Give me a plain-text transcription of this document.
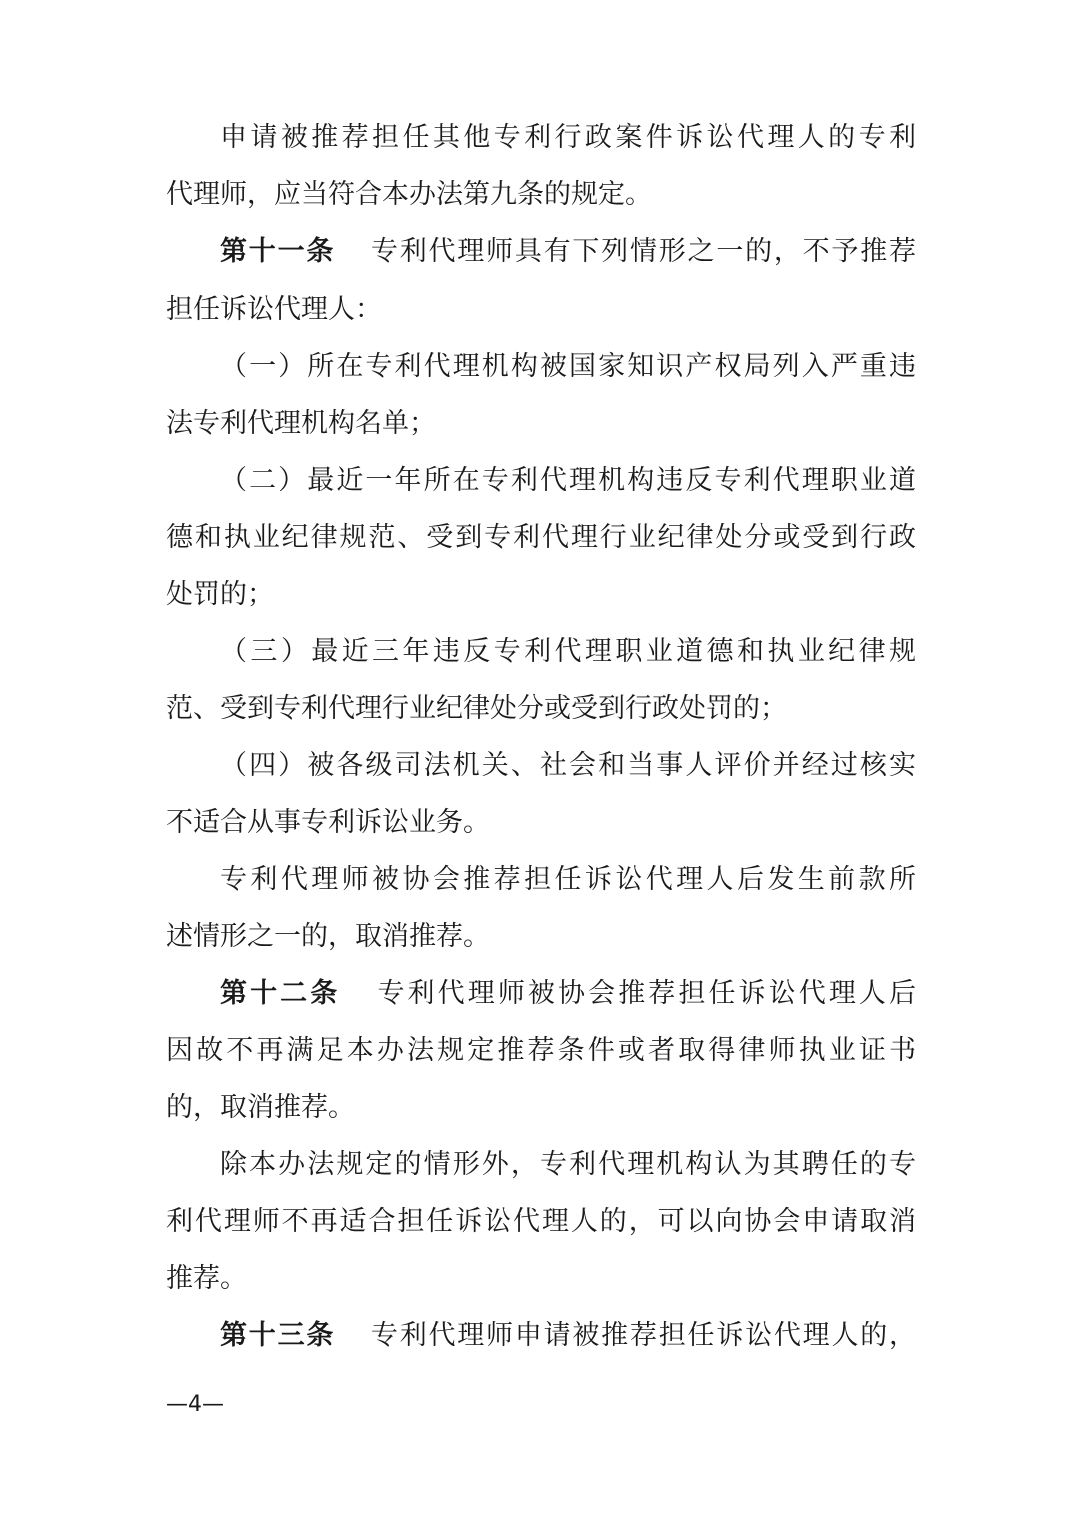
申请被推荐担任其他专利行政案件诉讼代理人的专利
代理师，应当符合本办法第九条的规定。
第十一条 专利代理师具有下列情形之一的，不予推荐
担任诉讼代理人：
（一）所在专利代理机构被国家知识产权局列入严重违
法专利代理机构名单；
（二）最近一年所在专利代理机构违反专利代理职业道
德和执业纪律规范、受到专利代理行业纪律处分或受到行政
处罚的；
（三）最近三年违反专利代理职业道德和执业纪律规
范、受到专利代理行业纪律处分或受到行政处罚的；
（四）被各级司法机关、社会和当事人评价并经过核实
不适合从事专利诉讼业务。
专利代理师被协会推荐担任诉讼代理人后发生前款所
述情形之一的，取消推荐。
第十二条 专利代理师被协会推荐担任诉讼代理人后
因故不再满足本办法规定推荐条件或者取得律师执业证书
的，取消推荐。
除本办法规定的情形外，专利代理机构认为其聘任的专
利代理师不再适合担任诉讼代理人的，可以向协会申请取消
推荐。
第十三条 专利代理师申请被推荐担任诉讼代理人的，
—4—
